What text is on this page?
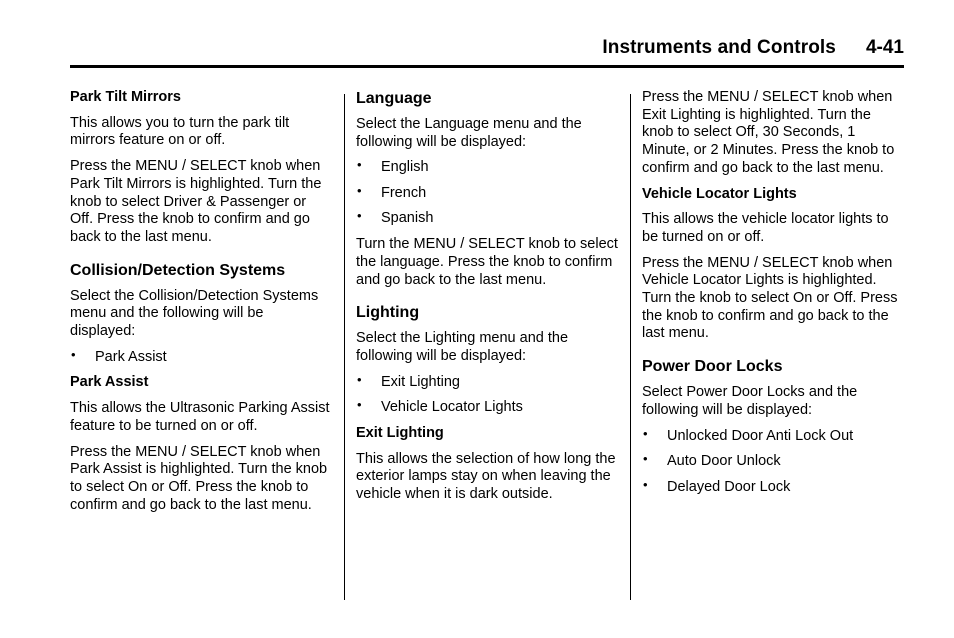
Instruments and Controls 4-41
Park Tilt Mirrors

This allows you to turn the park tilt mirrors feature on or off.

Press the MENU / SELECT knob when Park Tilt Mirrors is highlighted. Turn the knob to select Driver & Passenger or Off. Press the knob to confirm and go back to the last menu.

Collision/Detection Systems

Select the Collision/Detection Systems menu and the following will be displayed:

• Park Assist
Park Assist

This allows the Ultrasonic Parking Assist feature to be turned on or off.

Press the MENU / SELECT knob when Park Assist is highlighted. Turn the knob to select On or Off. Press the knob to confirm and go back to the last menu.

Language

Select the Language menu and the following will be displayed:

• English
• French
• Spanish

Turn the MENU / SELECT knob to select the language. Press the knob to confirm and go back to the last menu.

Lighting

Select the Lighting menu and the following will be displayed:

• Exit Lighting
• Vehicle Locator Lights
Exit Lighting

This allows the selection of how long the exterior lamps stay on when leaving the vehicle when it is dark outside.

Press the MENU / SELECT knob when Exit Lighting is highlighted. Turn the knob to select Off, 30 Seconds, 1 Minute, or 2 Minutes. Press the knob to confirm and go back to the last menu.

Vehicle Locator Lights

This allows the vehicle locator lights to be turned on or off.

Press the MENU / SELECT knob when Vehicle Locator Lights is highlighted. Turn the knob to select On or Off. Press the knob to confirm and go back to the last menu.

Power Door Locks

Select Power Door Locks and the following will be displayed:

• Unlocked Door Anti Lock Out
• Auto Door Unlock
• Delayed Door Lock
